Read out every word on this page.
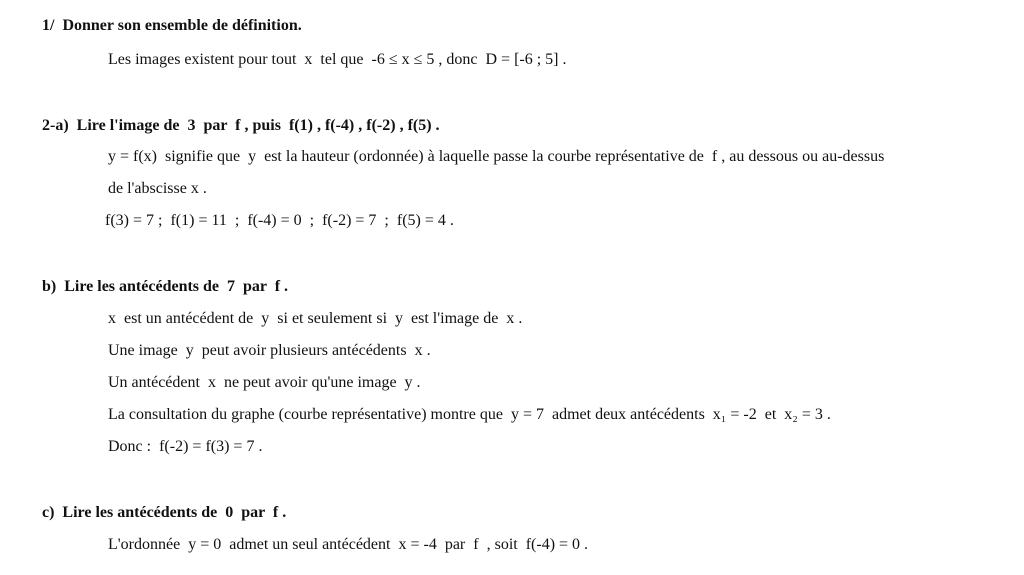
1/  Donner son ensemble de définition.
Les images existent pour tout  x  tel que  -6 ≤ x ≤ 5 , donc  D = [-6 ; 5] .
2-a)  Lire l'image de  3  par  f , puis  f(1) , f(-4) , f(-2) , f(5) .
y = f(x)  signifie que  y  est la hauteur (ordonnée) à laquelle passe la courbe représentative de  f , au dessous ou au-dessus
de l'abscisse x .
f(3) = 7 ;  f(1) = 11  ;  f(-4) = 0  ;  f(-2) = 7  ;  f(5) = 4 .
b)  Lire les antécédents de  7  par  f .
x  est un antécédent de  y  si et seulement si  y  est l'image de  x .
Une image  y  peut avoir plusieurs antécédents  x .
Un antécédent  x  ne peut avoir qu'une image  y .
La consultation du graphe (courbe représentative) montre que  y = 7  admet deux antécédents  x₁ = -2  et  x₂ = 3 .
Donc :  f(-2) = f(3) = 7 .
c)  Lire les antécédents de  0  par  f .
L'ordonnée  y = 0  admet un seul antécédent  x = -4  par  f  , soit  f(-4) = 0 .
